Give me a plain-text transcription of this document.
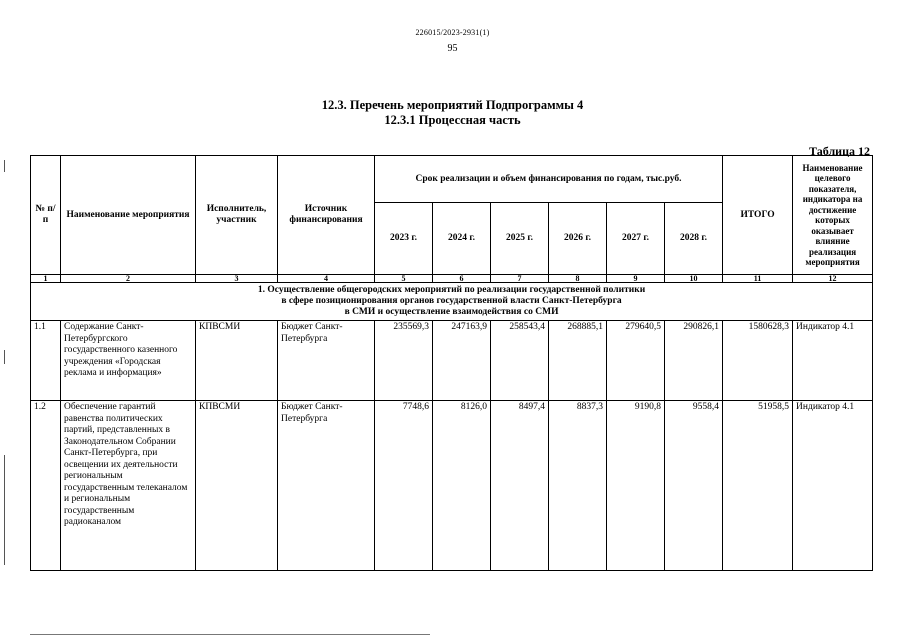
226015/2023-2931(1)
95
12.3. Перечень мероприятий Подпрограммы 4
12.3.1 Процессная часть
Таблица 12
№ п/п	Наименование мероприятия	Исполнитель, участник	Источник финансирования	Срок реализации и объем финансирования по годам, тыс.руб.						ИТОГО	Наименование целевого показателя, индикатора на достижение которых оказывает влияние реализация мероприятия
				2023 г.	2024 г.	2025 г.	2026 г.	2027 г.	2028 г.		
1	2	3	4	5	6	7	8	9	10	11	12

1. Осуществление общегородских мероприятий по реализации государственной политики
в сфере позиционирования органов государственной власти Санкт-Петербурга
в СМИ и осуществление взаимодействия со СМИ											

1.1	Содержание Санкт-Петербургского государственного казенного учреждения «Городская реклама и информация»	КПВСМИ	Бюджет Санкт-Петербурга	235569,3	247163,9	258543,4	268885,1	279640,5	290826,1	1580628,3	Индикатор 4.1
1.2	Обеспечение гарантий равенства политических партий, представленных в Законодательном Собрании Санкт-Петербурга, при освещении их деятельности региональным государственным телеканалом и региональным государственным радиоканалом	КПВСМИ	Бюджет Санкт-Петербурга	7748,6	8126,0	8497,4	8837,3	9190,8	9558,4	51958,5	Индикатор 4.1
